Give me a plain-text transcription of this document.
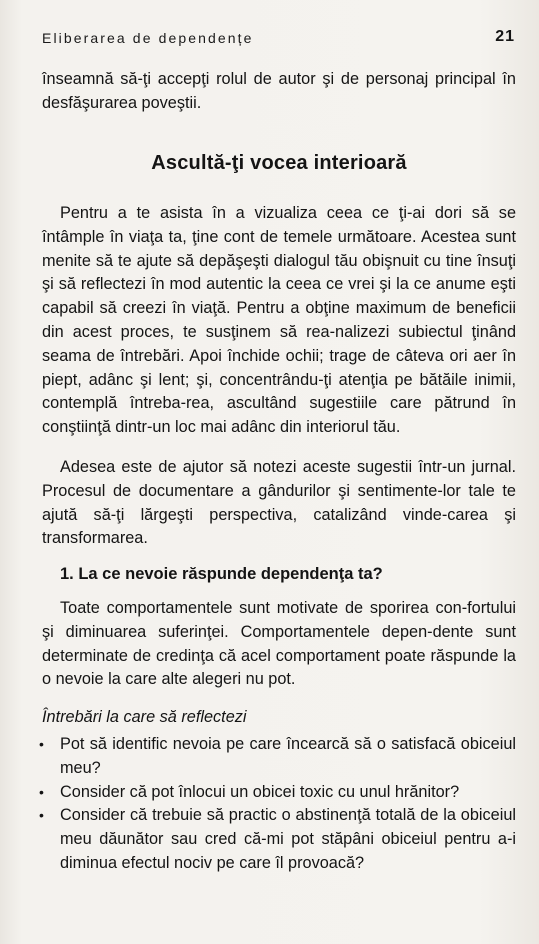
Eliberarea de dependențe	21

înseamnă să-ţi accepţi rolul de autor şi de personaj principal în desfăşurarea poveştii.

Ascultă-ţi vocea interioară

Pentru a te asista în a vizualiza ceea ce ţi-ai dori să se întâmple în viaţa ta, ţine cont de temele următoare. Acestea sunt menite să te ajute să depăşeşti dialogul tău obişnuit cu tine însuţi şi să reflectezi în mod autentic la ceea ce vrei şi la ce anume eşti capabil să creezi în viaţă. Pentru a obţine maximum de beneficii din acest proces, te susţinem să rea-nalizezi subiectul ţinând seama de întrebări. Apoi închide ochii; trage de câteva ori aer în piept, adânc şi lent; şi, concentrându-ţi atenţia pe bătăile inimii, contemplă întreba-rea, ascultând sugestiile care pătrund în conştiinţă dintr-un loc mai adânc din interiorul tău.

Adesea este de ajutor să notezi aceste sugestii într-un jurnal. Procesul de documentare a gândurilor şi sentimente-lor tale te ajută să-ţi lărgeşti perspectiva, catalizând vinde-carea şi transformarea.

1. La ce nevoie răspunde dependenţa ta?

Toate comportamentele sunt motivate de sporirea con-fortului şi diminuarea suferinţei. Comportamentele depen-dente sunt determinate de credinţa că acel comportament poate răspunde la o nevoie la care alte alegeri nu pot.

Întrebări la care să reflectezi
• Pot să identific nevoia pe care încearcă să o satisfacă obiceiul meu?
• Consider că pot înlocui un obicei toxic cu unul hrănitor?
• Consider că trebuie să practic o abstinenţă totală de la obiceiul meu dăunător sau cred că-mi pot stăpâni obiceiul pentru a-i diminua efectul nociv pe care îl provoacă?
